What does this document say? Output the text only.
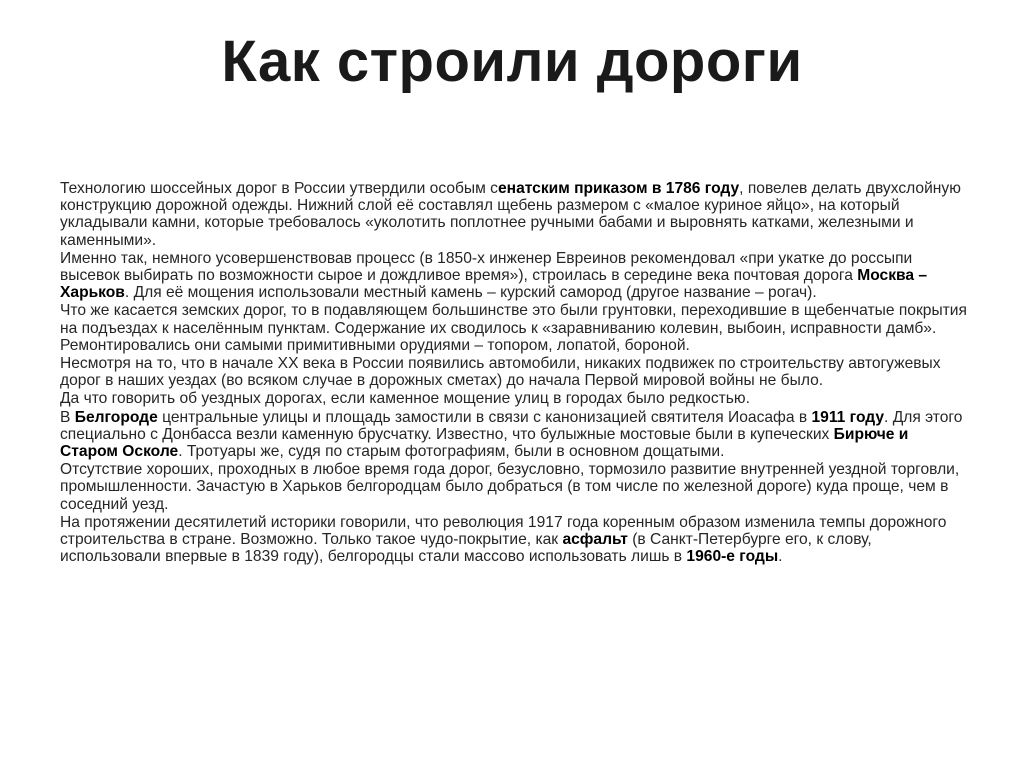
Как строили дороги

Технологию шоссейных дорог в России утвердили особым сенатским приказом в 1786 году, повелев делать двухслойную конструкцию дорожной одежды. Нижний слой её составлял щебень размером с «малое куриное яйцо», на который укладывали камни, которые требовалось «уколотить поплотнее ручными бабами и выровнять катками, железными и каменными».

Именно так, немного усовершенствовав процесс (в 1850-х инженер Евреинов рекомендовал «при укатке до россыпи высевок выбирать по возможности сырое и дождливое время»), строилась в середине века почтовая дорога Москва – Харьков. Для её мощения использовали местный камень – курский самород (другое название – рогач).

Что же касается земских дорог, то в подавляющем большинстве это были грунтовки, переходившие в щебенчатые покрытия на подъездах к населённым пунктам. Содержание их сводилось к «заравниванию колевин, выбоин, исправности дамб». Ремонтировались они самыми примитивными орудиями – топором, лопатой, бороной.

Несмотря на то, что в начале XX века в России появились автомобили, никаких подвижек по строительству автогужевых дорог в наших уездах (во всяком случае в дорожных сметах) до начала Первой мировой войны не было.

Да что говорить об уездных дорогах, если каменное мощение улиц в городах было редкостью.

В Белгороде центральные улицы и площадь замостили в связи с канонизацией святителя Иоасафа в 1911 году. Для этого специально с Донбасса везли каменную брусчатку. Известно, что булыжные мостовые были в купеческих Бирюче и Старом Осколе. Тротуары же, судя по старым фотографиям, были в основном дощатыми.

Отсутствие хороших, проходных в любое время года дорог, безусловно, тормозило развитие внутренней уездной торговли, промышленности. Зачастую в Харьков белгородцам было добраться (в том числе по железной дороге) куда проще, чем в соседний уезд.

На протяжении десятилетий историки говорили, что революция 1917 года коренным образом изменила темпы дорожного строительства в стране. Возможно. Только такое чудо-покрытие, как асфальт (в Санкт-Петербурге его, к слову, использовали впервые в 1839 году), белгородцы стали массово использовать лишь в 1960-е годы.
